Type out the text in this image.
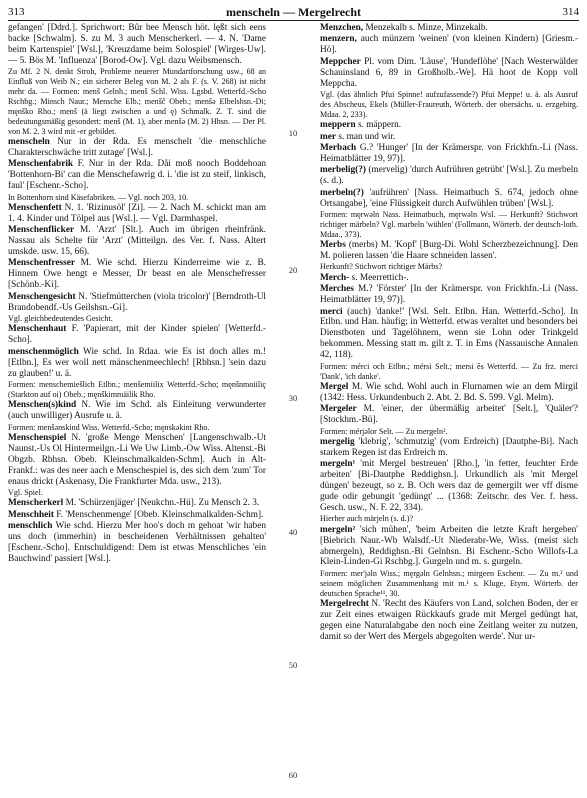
313	menscheln — Mergelrecht	314

gefangen' [Ddrd.]. Sprichwort: Bûr bee Mensch höt. lęßt sich eens backe [Schwalm]. S. zu M. 3 auch Menscherkerl. — 4. N. 'Dame beim Kartenspiel' [Wsl.], 'Kreuzdame beim Solospiel' [Wirges-Uw]. — 5. Bös M. 'Influenza' [Borod-Ow]. Vgl. dazu Weibsmensch.

Zu Mf. 2 N. denkt Stroh, Probleme neuerer Mundartforschung usw., 68 an Einfluß von Weib N.; ein sicherer Beleg von M. 2 als F. (s. V. 268) ist nicht mehr da. — Formen: menš Gelnh.; menš Schl. Wiss. Lgsbd. Wetterfd.-Scho Rschbg.; Minsch Naur.; Mensche Elb.; menšč Obeb.; menšə Elbelshsn.-Di; męnško Rho.; menš (ä liegt zwischen a und ę) Schmalk. Z. T. sind die bedeutungsmäßig gesondert: menš (M. 1), aber menšə (M. 2) Hhsn. — Der Pl. von M. 2. 3 wird mit -er gebildet.

menscheln Nur in der Rda. Es menschelt 'die menschliche Charakterschwäche tritt zutage' [Wsl.].

Menschenfabrik F. Nur in der Rda. Dåi moß nooch Boddehoan 'Bottenhorn-Bi' can die Menschefawrig d. i. 'die ist zu steif, linkisch, faul' [Eschenr.-Scho].

In Bottenhorn sind Käsefabriken. — Vgl. noch 203, 10.

Menschenfett N. 1. 'Rizinusöl' [Zi]. — 2. Nach M. schickt man am 1. 4. Kinder und Tölpel aus [Wsl.]. — Vgl. Darmhaspel.

Menschenflicker M. 'Arzt' [Slt.]. Auch im übrigen rheinfränk. Nassau als Schelte für 'Arzt' (Mitteilgn. des Ver. f. Nass. Altert umskde. usw. 15, 66).

Menschenfresser M. Wie schd. Hierzu Kinderreime wie z. B. Hinnem Owe hengt e Messer, Dr beast en ale Menschefresser [Schönb.-Ki].

Menschengesicht N. 'Stiefmütterchen (viola tricolor)' [Berndroth-Ul Brandobendf.-Us Geilshsn.-Gi].

Vgl. gleichbedeutendes Gesicht.

Menschenhaut F. 'Papierart, mit der Kinder spielen' [Wetterfd.-Scho].

menschenmöglich Wie schd. In Rdaa. wie Es ist doch alles m.! [Etlbn.], Es wer woll nett mänschenmeechlech! [Rbhsn.] 'sein dazu zu glauben!' u. ä.

Formen: menschemiešlich Etlbn.; menšemiilix Wetterfd.-Scho; męnšnmoiiliç (Starkton auf oi) Obeb.; męnškimmäilik Rho.

Menschen(s)kind N. Wie im Schd. als Einleitung verwunderter (auch unwilliger) Ausrufe u. ä.

Formen: menšənskind Wiss. Wetterfd.-Scho; męnskəkint Rho.

Menschenspiel N. 'große Menge Menschen' [Langenschwalb.-Ut Naunst.-Us Ol Hintermeilgn.-Li We Uw Limb.-Ow Wiss. Altenst.-Bi Obgzb. Rbhsn. Obeb. Kleinschmalkalden-Schm]. Auch in Alt-Frankf.: was des neer aach e Menschespiel is, des sich dem 'zum' Tor enaus drickt (Askenasy, Die Frankfurter Mda. usw., 213).

Vgl. Spiel.

Menscherkerl M. 'Schürzenjäger' [Neukchn.-Hü]. Zu Mensch 2. 3.

Menschheit F. 'Menschenmenge' [Obeb. Kleinschmalkalden-Schm].

menschlich Wie schd. Hierzu Mer hoo's doch m gehoat 'wir haben uns doch (immerhin) in bescheidenen Verhältnissen gehalten' [Eschenr.-Scho]. Entschuldigend: Dem ist etwas Menschliches 'ein Bauchwind' passiert [Wsl.].

10
20
30
40
50
60

Menzchen, Menzekalb s. Minze, Minzekalb.

menzern, auch münzern 'weinen' (von kleinen Kindern) [Griesm.-Hö].

Meppcher Pl. vom Dim. 'Läuse', 'Hundeflöhe' [Nach Westerwälder Schauinsland 6, 89 in Großholb.-We]. Hä hoot de Kopp voll Meppcha.

Vgl. (das ähnlich Pfui Spinne! aufzufassende?) Pfui Meppe! u. ä. als Ausruf des Abscheus, Ekels (Müller-Fraureuth, Wörterb. der obersächs. u. erzgebirg. Mdaa. 2, 233).

meppern s. mäppern.

mer s. man und wir.

Merbach G.? 'Hunger' [In der Krämerspr. von Frickhfn.-Li (Nass. Heimatblätter 19, 97)].

merbelig(?) (mervelig) 'durch Aufrühren getrübt' [Wsl.]. Zu merbeln (s. d.).

merbeln(?) 'aufrühren' [Nass. Heimatbuch S. 674, jedoch ohne Ortsangabe], 'eine Flüssigkeit durch Aufwühlen trüben' [Wsl.].

Formen: męrwəln Nass. Heimatbuch, męrwəln Wsl. — Herkunft? Stichwort richtiger märbeln? Vgl. marbeln 'wühlen' (Follmann, Wörterb. der deutsch-loth. Mdaa., 373).

Merbs (merbs) M. 'Kopf' [Burg-Di. Wohl Scherzbezeichnung]. Den M. polieren lassen 'die Haare schneiden lassen'.

Herkunft? Stichwort richtiger Märbs?

Merch- s. Meerrettich-.

Merches M.? 'Förster' [In der Krämerspr. von Frickhfn.-Li (Nass. Heimatblätter 19, 97)].

merci (auch) 'danke!' [Wsl. Selt. Etlbn. Han. Wetterfd.-Scho]. In Etlbn. und Han. häufig; in Wetterfd. etwas veraltet und besonders bei Dienstboten und Tagelöhnern, wenn sie Lohn oder Trinkgeld bekommen. Messing statt m. gilt z. T. in Ems (Nassauische Annalen 42, 118).

Formen: mérci och Etlbn.; mérsi Selt.; mersi ẽs Wetterfd. — Zu frz. merci 'Dank', 'ich danke'.

Mergel M. Wie schd. Wohl auch in Flurnamen wie an dem Mirgil (1342: Hess. Urkundenbuch 2. Abt. 2. Bd. S. 599. Vgl. Melm).

Mergeler M. 'einer, der übermäßig arbeitet' [Selt.], 'Quäler'? [Stockhm.-Bü].

Formen: mérjəlor Selt. — Zu mergeln².

mergelig 'klebrig', 'schmutzig' (vom Erdreich) [Dautphe-Bi]. Nach starkem Regen ist das Erdreich m.

mergeln¹ 'mit Mergel bestreuen' [Rho.], 'in fetter, feuchter Erde arbeiten' [Bi-Dautphe Reddighsn.]. Urkundlich als 'mit Mergel düngen' bezeugt, so z. B. Och wers daz de gemergilt wer vff disme gude odir gebungit 'gedüngt' ... (1368: Zeitschr. des Ver. f. hess. Gesch. usw., N. F. 22, 334).

Hierher auch märjeln (s. d.)?

mergeln² 'sich mühen', 'beim Arbeiten die letzte Kraft hergeben' [Biebrich Naur.-Wb Walsdf.-Ut Niederabr-We, Wiss. (meist sich abmergeln), Reddighsn.-Bi Gelnhsn. Bi Eschenr.-Scho Willofs-La Klein-Linden-Gi Rschbg.]. Gurgeln und m. s. gurgeln.

Formen: mer'jəln Wiss.; męrgəln Gelnhsn.; mirgeen Eschenr. — Zu m.² und seinem möglichen Zusammenhang mit m.¹ s. Kluge, Etym. Wörterb. der deutschen Sprache¹¹, 30.

Mergelrecht N. 'Recht des Käufers von Land, solchen Boden, der er zur Zeit eines etwaigen Rückkaufs grade mit Mergel gedüngt hat, gegen eine Naturalabgabe den noch eine Zeitlang weiter zu nutzen, damit so der Wert des Mergels abgegolten werde'. Nur ur-
